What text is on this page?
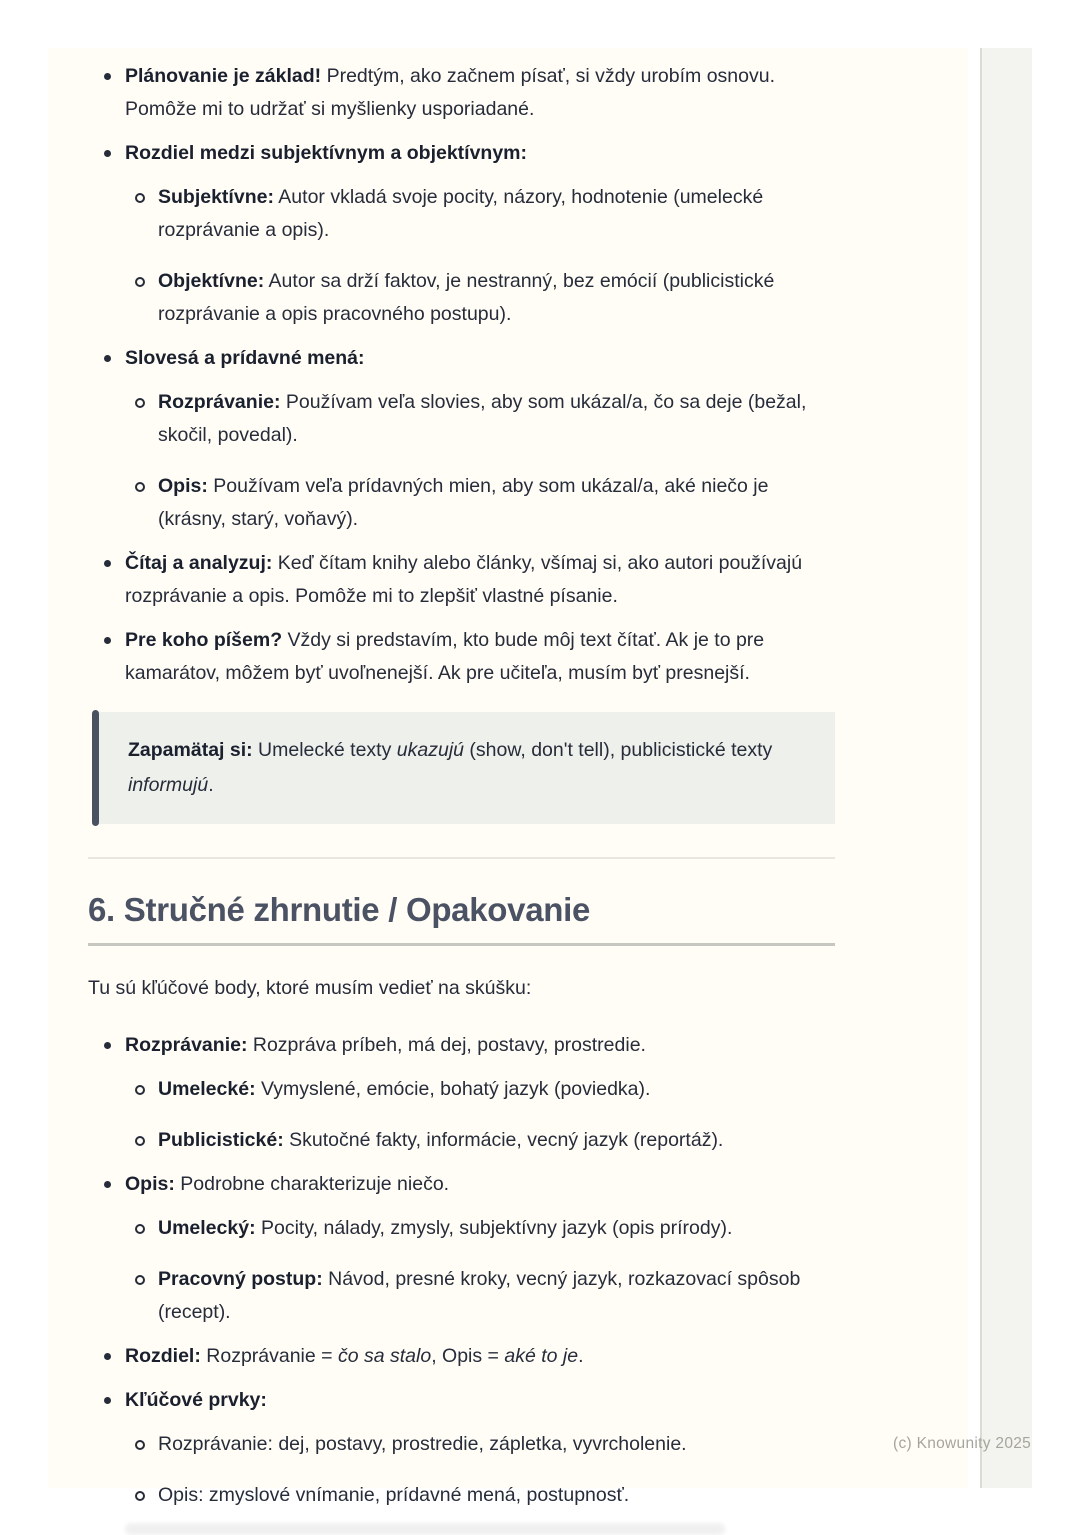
Plánovanie je základ! Predtým, ako začnem písať, si vždy urobím osnovu. Pomôže mi to udržať si myšlienky usporiadané.
Rozdiel medzi subjektívnym a objektívnym:
Subjektívne: Autor vkladá svoje pocity, názory, hodnotenie (umelecké rozprávanie a opis).
Objektívne: Autor sa drží faktov, je nestranný, bez emócií (publicistické rozprávanie a opis pracovného postupu).
Slovesá a prídavné mená:
Rozprávanie: Používam veľa slovies, aby som ukázal/a, čo sa deje (bežal, skočil, povedal).
Opis: Používam veľa prídavných mien, aby som ukázal/a, aké niečo je (krásny, starý, voňavý).
Čítaj a analyzuj: Keď čítam knihy alebo články, všímaj si, ako autori používajú rozprávanie a opis. Pomôže mi to zlepšiť vlastné písanie.
Pre koho píšem? Vždy si predstavím, kto bude môj text čítať. Ak je to pre kamarátov, môžem byť uvoľnenejší. Ak pre učiteľa, musím byť presnejší.
Zapamätaj si: Umelecké texty ukazujú (show, don't tell), publicistické texty informujú.
6. Stručné zhrnutie / Opakovanie

Tu sú kľúčové body, ktoré musím vedieť na skúšku:

Rozprávanie: Rozpráva príbeh, má dej, postavy, prostredie.
Umelecké: Vymyslené, emócie, bohatý jazyk (poviedka).
Publicistické: Skutočné fakty, informácie, vecný jazyk (reportáž).
Opis: Podrobne charakterizuje niečo.
Umelecký: Pocity, nálady, zmysly, subjektívny jazyk (opis prírody).
Pracovný postup: Návod, presné kroky, vecný jazyk, rozkazovací spôsob (recept).
Rozdiel: Rozprávanie = čo sa stalo, Opis = aké to je.
Kľúčové prvky:
Rozprávanie: dej, postavy, prostredie, zápletka, vyvrcholenie.
Opis: zmyslové vnímanie, prídavné mená, postupnosť.
(c) Knowunity 2025
